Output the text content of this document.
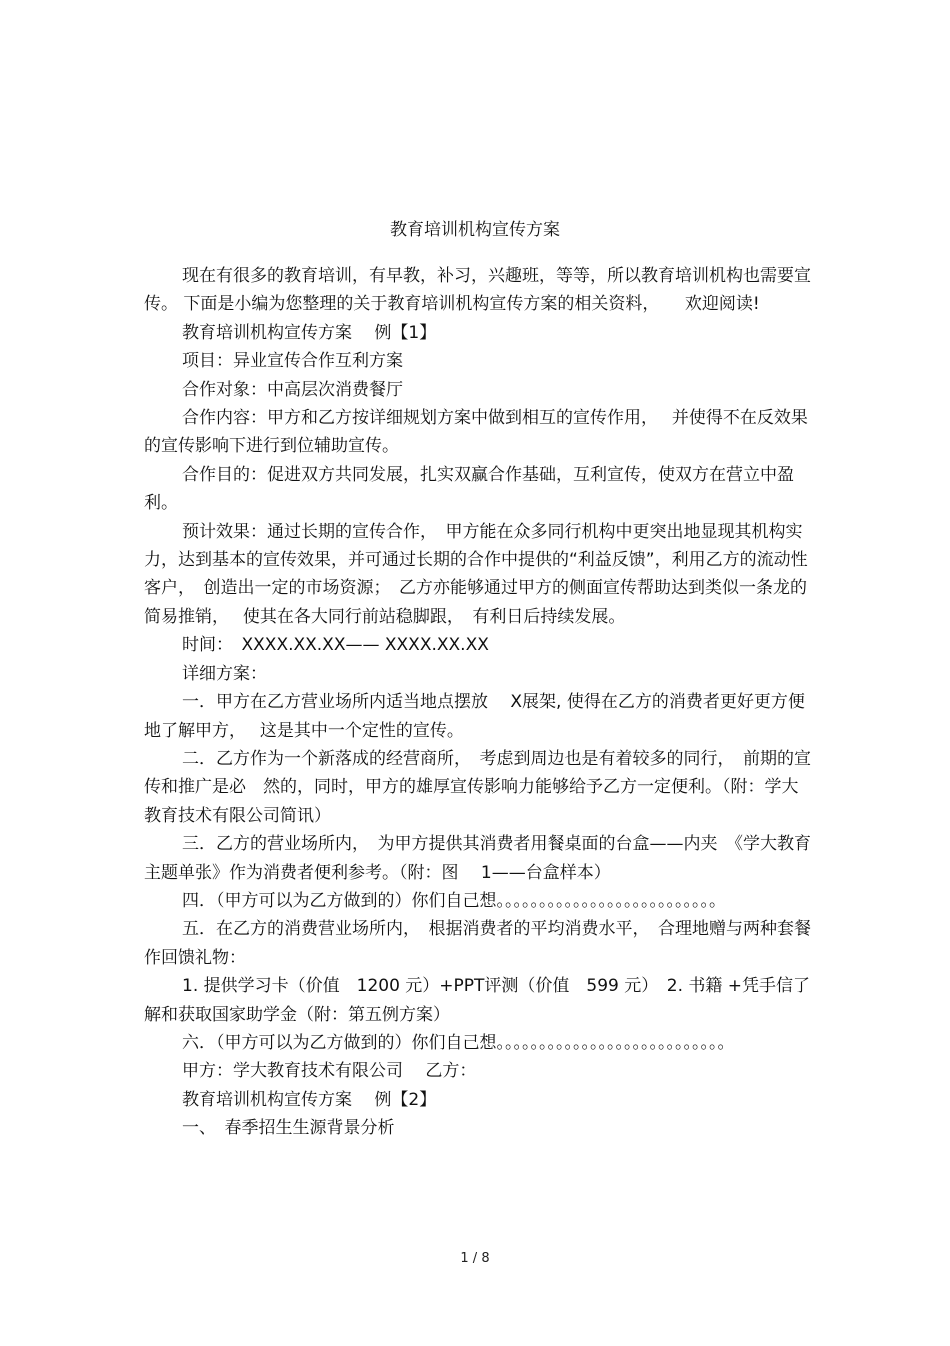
教育培训机构宣传方案

现在有很多的教育培训，有早教，补习，兴趣班，等等，所以教育培训机构也需要宣传。 下面是小编为您整理的关于教育培训机构宣传方案的相关资料，　　欢迎阅读!

教育培训机构宣传方案　 例【1】

项目：异业宣传合作互利方案

合作对象：中高层次消费餐厅

合作内容：甲方和乙方按详细规划方案中做到相互的宣传作用，　 并使得不在反效果的宣传影响下进行到位辅助宣传。

合作目的：促进双方共同发展，扎实双赢合作基础，互利宣传，使双方在营立中盈利。

预计效果：通过长期的宣传合作，　甲方能在众多同行机构中更突出地显现其机构实力，达到基本的宣传效果，并可通过长期的合作中提供的“利益反馈”，利用乙方的流动性客户，　创造出一定的市场资源；　乙方亦能够通过甲方的侧面宣传帮助达到类似一条龙的简易推销，　 使其在各大同行前站稳脚跟，　有利日后持续发展。

时间：　XXXX.XX.XX—— XXXX.XX.XX

详细方案：

一．甲方在乙方营业场所内适当地点摆放　 X展架, 使得在乙方的消费者更好更方便地了解甲方，　 这是其中一个定性的宣传。

二．乙方作为一个新落成的经营商所，　考虑到周边也是有着较多的同行，　前期的宣传和推广是必　然的，同时，甲方的雄厚宣传影响力能够给予乙方一定便利。（附：学大教育技术有限公司简讯）

三．乙方的营业场所内，　为甲方提供其消费者用餐桌面的台盒——内夹　《学大教育主题单张》作为消费者便利参考。（附：图　 1——台盒样本）

四．（甲方可以为乙方做到的）你们自己想。。。。。。。。。。。。。。。。。。。。。。。。。。

五．在乙方的消费营业场所内，　根据消费者的平均消费水平，　合理地赠与两种套餐作回馈礼物：

1. 提供学习卡（价值　1200 元）+PPT评测（价值　599 元）　2. 书籍 +凭手信了解和获取国家助学金（附：第五例方案）

六．（甲方可以为乙方做到的）你们自己想。。。。。。。。。。。。。。。。。。。。。。。。。。。

甲方：学大教育技术有限公司　 乙方：

教育培训机构宣传方案　 例【2】

一、　春季招生生源背景分析

1 / 8
